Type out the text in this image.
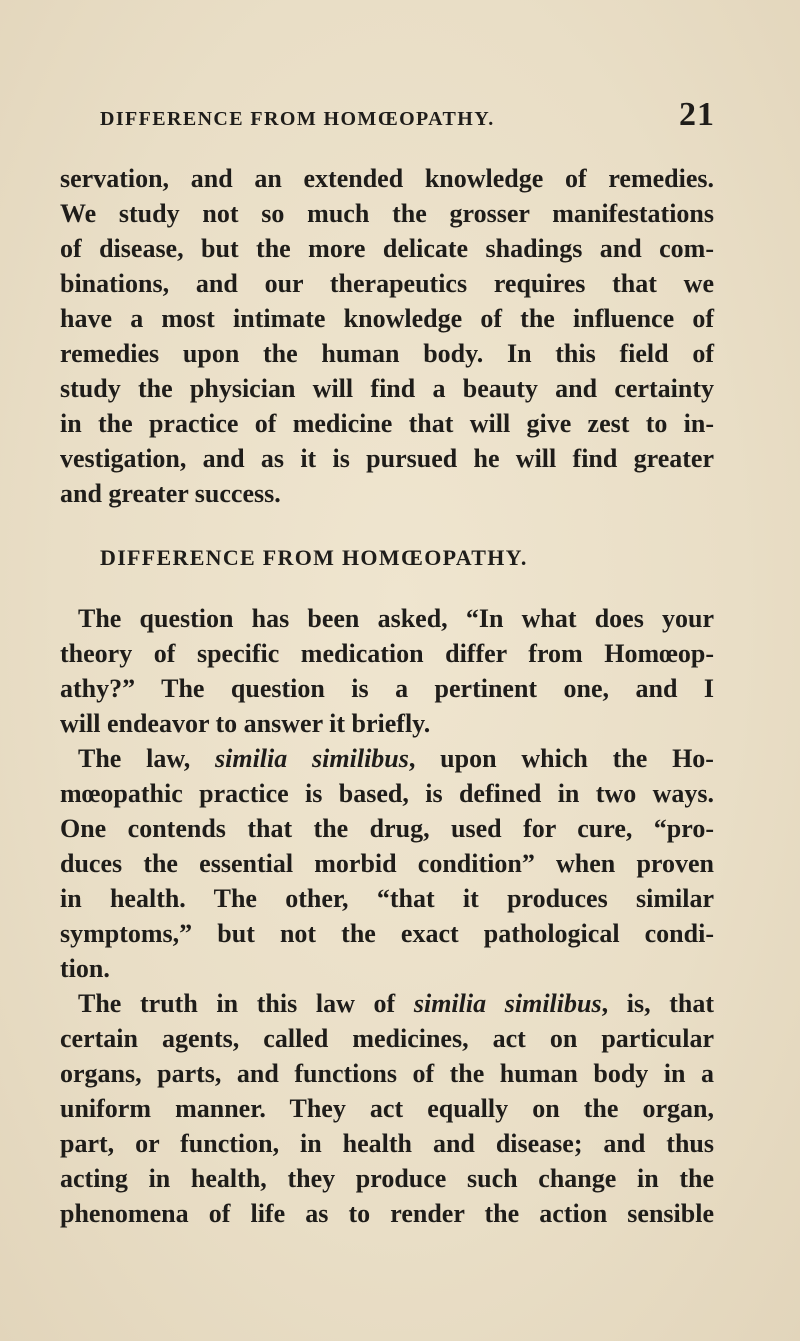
DIFFERENCE FROM HOMŒOPATHY.	21

servation, and an extended knowledge of remedies.
We study not so much the grosser manifestations
of disease, but the more delicate shadings and com-
binations, and our therapeutics requires that we
have a most intimate knowledge of the influence of
remedies upon the human body. In this field of
study the physician will find a beauty and certainty
in the practice of medicine that will give zest to in-
vestigation, and as it is pursued he will find greater
and greater success.

DIFFERENCE FROM HOMŒOPATHY.

The question has been asked, “In what does your
theory of specific medication differ from Homœop-
athy?” The question is a pertinent one, and I
will endeavor to answer it briefly.

The law, similia similibus, upon which the Ho-
mœopathic practice is based, is defined in two ways.
One contends that the drug, used for cure, “pro-
duces the essential morbid condition” when proven
in health. The other, “that it produces similar
symptoms,” but not the exact pathological condi-
tion.

The truth in this law of similia similibus, is, that
certain agents, called medicines, act on particular
organs, parts, and functions of the human body in a
uniform manner. They act equally on the organ,
part, or function, in health and disease; and thus
acting in health, they produce such change in the
phenomena of life as to render the action sensible
